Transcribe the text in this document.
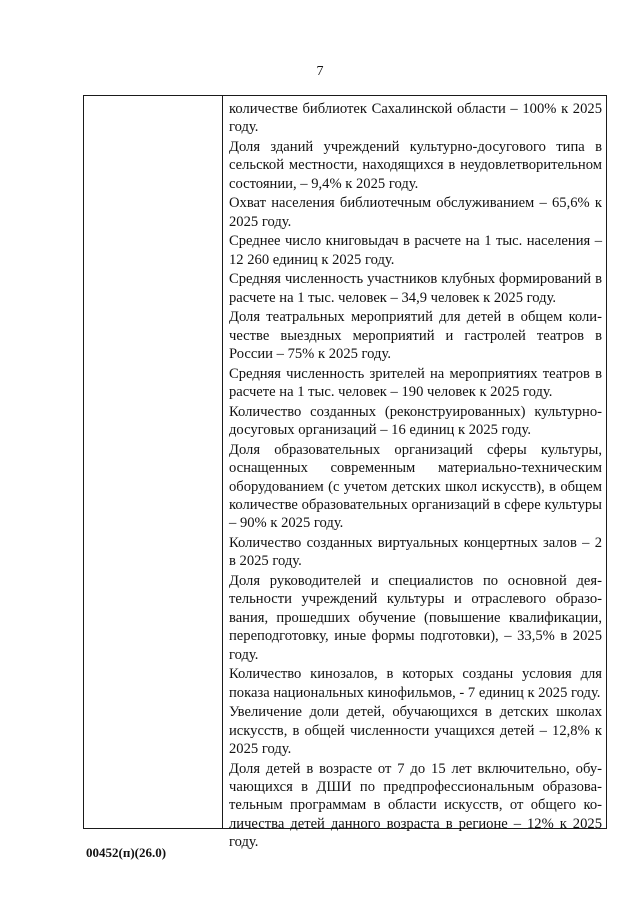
7

количестве библиотек Сахалинской области – 100% к 2025 году.

Доля зданий учреждений культурно-досугового типа в сельской местности, находящихся в неудовлетворительном состоянии, – 9,4% к 2025 году.

Охват населения библиотечным обслуживанием – 65,6% к 2025 году.

Среднее число книговыдач в расчете на 1 тыс. населения – 12 260 единиц к 2025 году.

Средняя численность участников клубных формирований в расчете на 1 тыс. человек – 34,9 человек к 2025 году.

Доля театральных мероприятий для детей в общем количестве выездных мероприятий и гастролей театров в России – 75% к 2025 году.

Средняя численность зрителей на мероприятиях театров в расчете на 1 тыс. человек – 190 человек к 2025 году.

Количество созданных (реконструированных) культурно-досуговых организаций – 16 единиц к 2025 году.

Доля образовательных организаций сферы культуры, оснащенных современным материально-техническим оборудованием (с учетом детских школ искусств), в общем количестве образовательных организаций в сфере культуры – 90% к 2025 году.

Количество созданных виртуальных концертных залов – 2 в 2025 году.

Доля руководителей и специалистов по основной деятельности учреждений культуры и отраслевого образования, прошедших обучение (повышение квалификации, переподготовку, иные формы подготовки), – 33,5% в 2025 году.

Количество кинозалов, в которых созданы условия для показа национальных кинофильмов, - 7 единиц к 2025 году.

Увеличение доли детей, обучающихся в детских школах искусств, в общей численности учащихся детей – 12,8% к 2025 году.

Доля детей в возрасте от 7 до 15 лет включительно, обучающихся в ДШИ по предпрофессиональным образовательным программам в области искусств, от общего количества детей данного возраста в регионе – 12% к 2025 году.

00452(п)(26.0)
